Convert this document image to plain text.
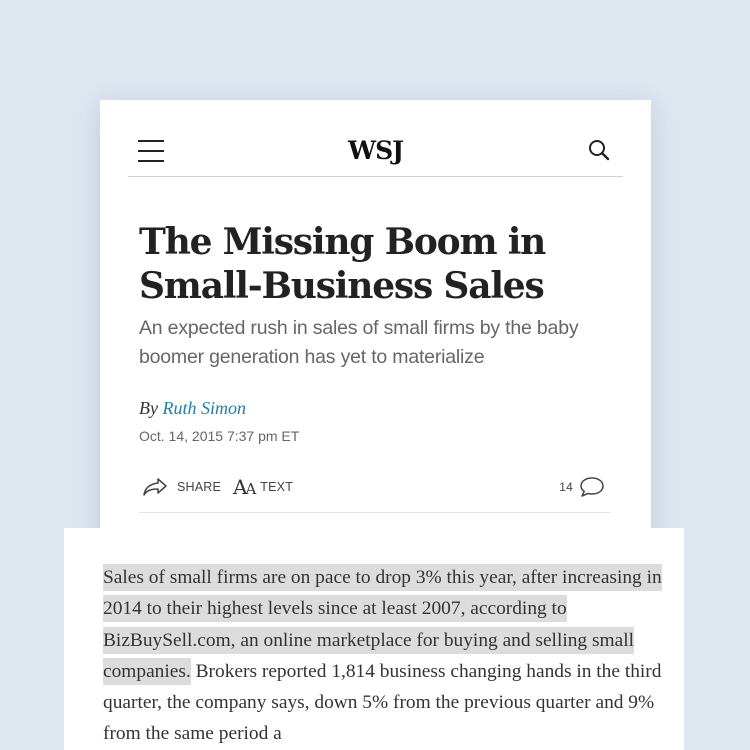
WSJ
The Missing Boom in Small-Business Sales

An expected rush in sales of small firms by the baby boomer generation has yet to materialize

By Ruth Simon
Oct. 14, 2015 7:37 pm ET
SHARE AA TEXT	14

Sales of small firms are on pace to drop 3% this year, after increasing in 2014 to their highest levels since at least 2007, according to BizBuySell.com, an online marketplace for buying and selling small companies. Brokers reported 1,814 business changing hands in the third quarter, the company says, down 5% from the previous quarter and 9% from the same period a
